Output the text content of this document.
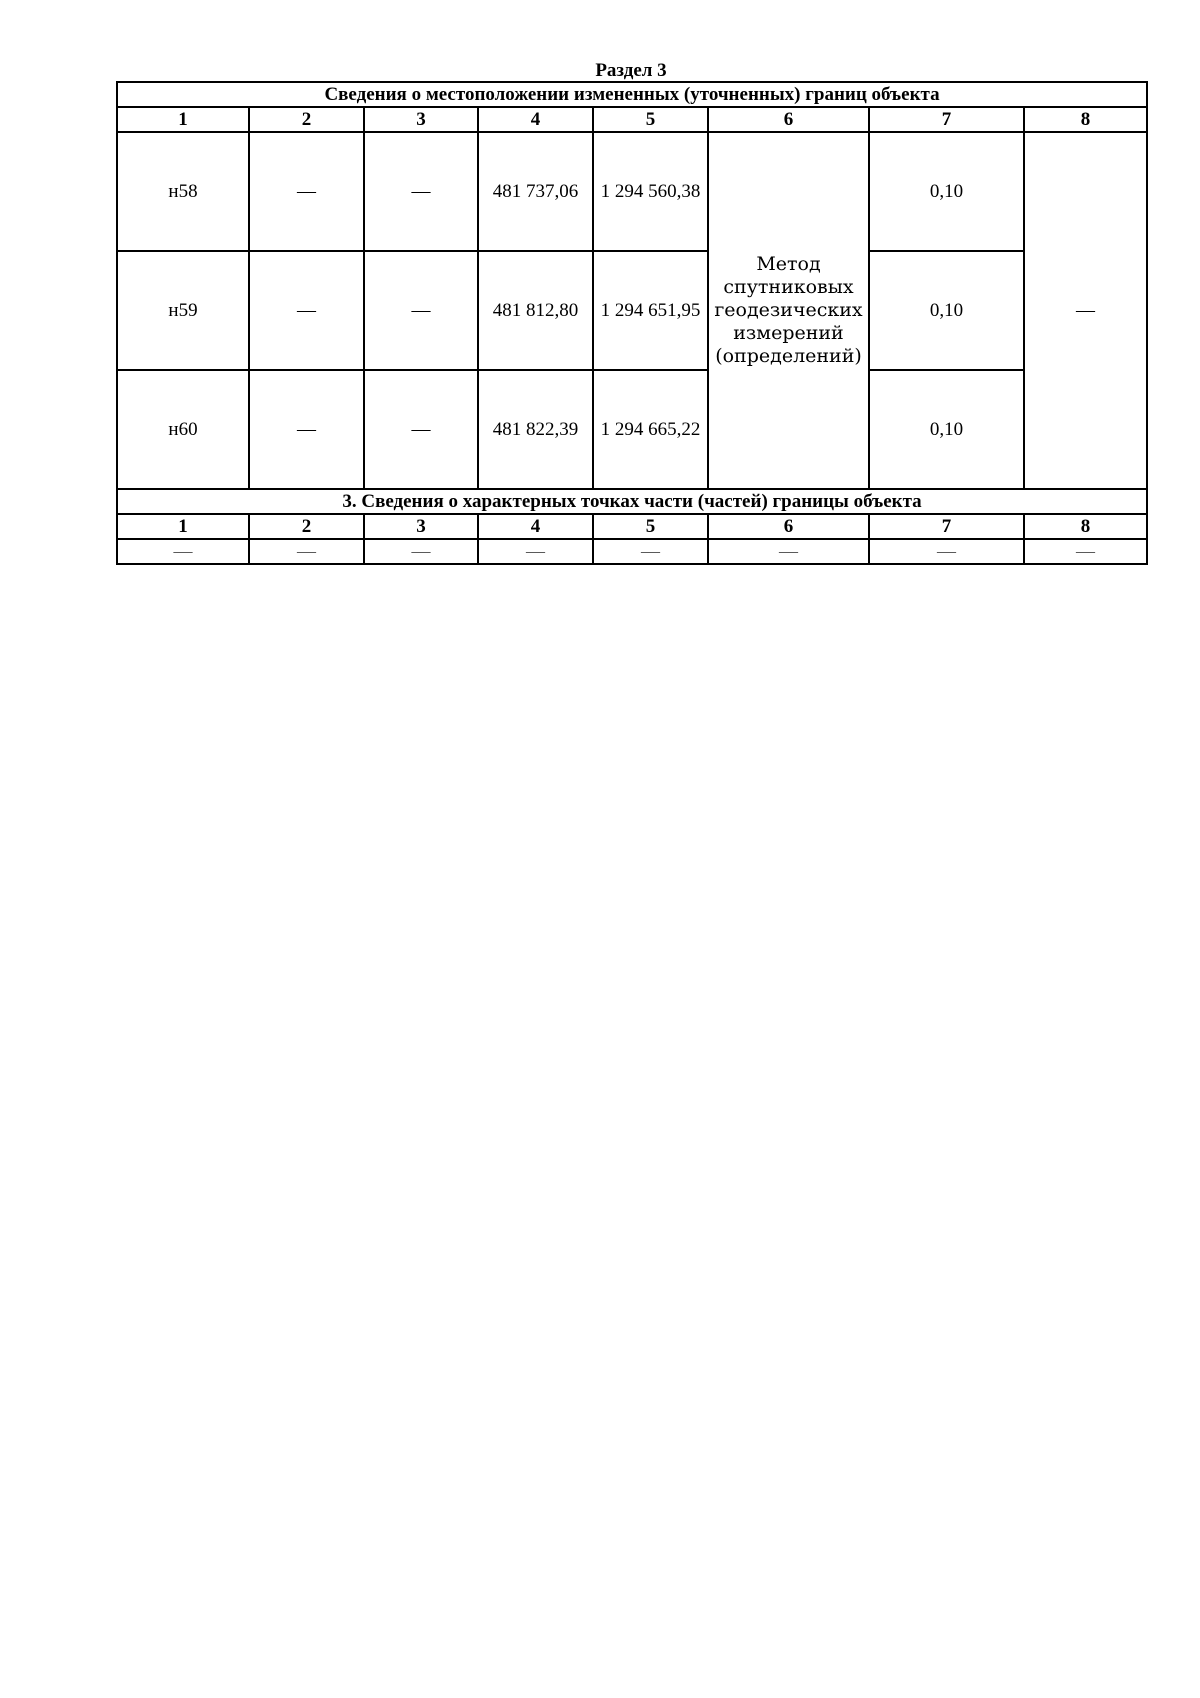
Раздел 3
Сведения о местоположении измененных (уточненных) границ объекта							
1	2	3	4	5	6	7	8
н58	—	—	481 737,06	1 294 560,38	Метод
спутниковых
геодезических
измерений
(определений)	0,10	—
н59	—	—	481 812,80	1 294 651,95		0,10	
н60	—	—	481 822,39	1 294 665,22		0,10	
3. Сведения о характерных точках части (частей) границы объекта							
1	2	3	4	5	6	7	8
—	—	—	—	—	—	—	—
